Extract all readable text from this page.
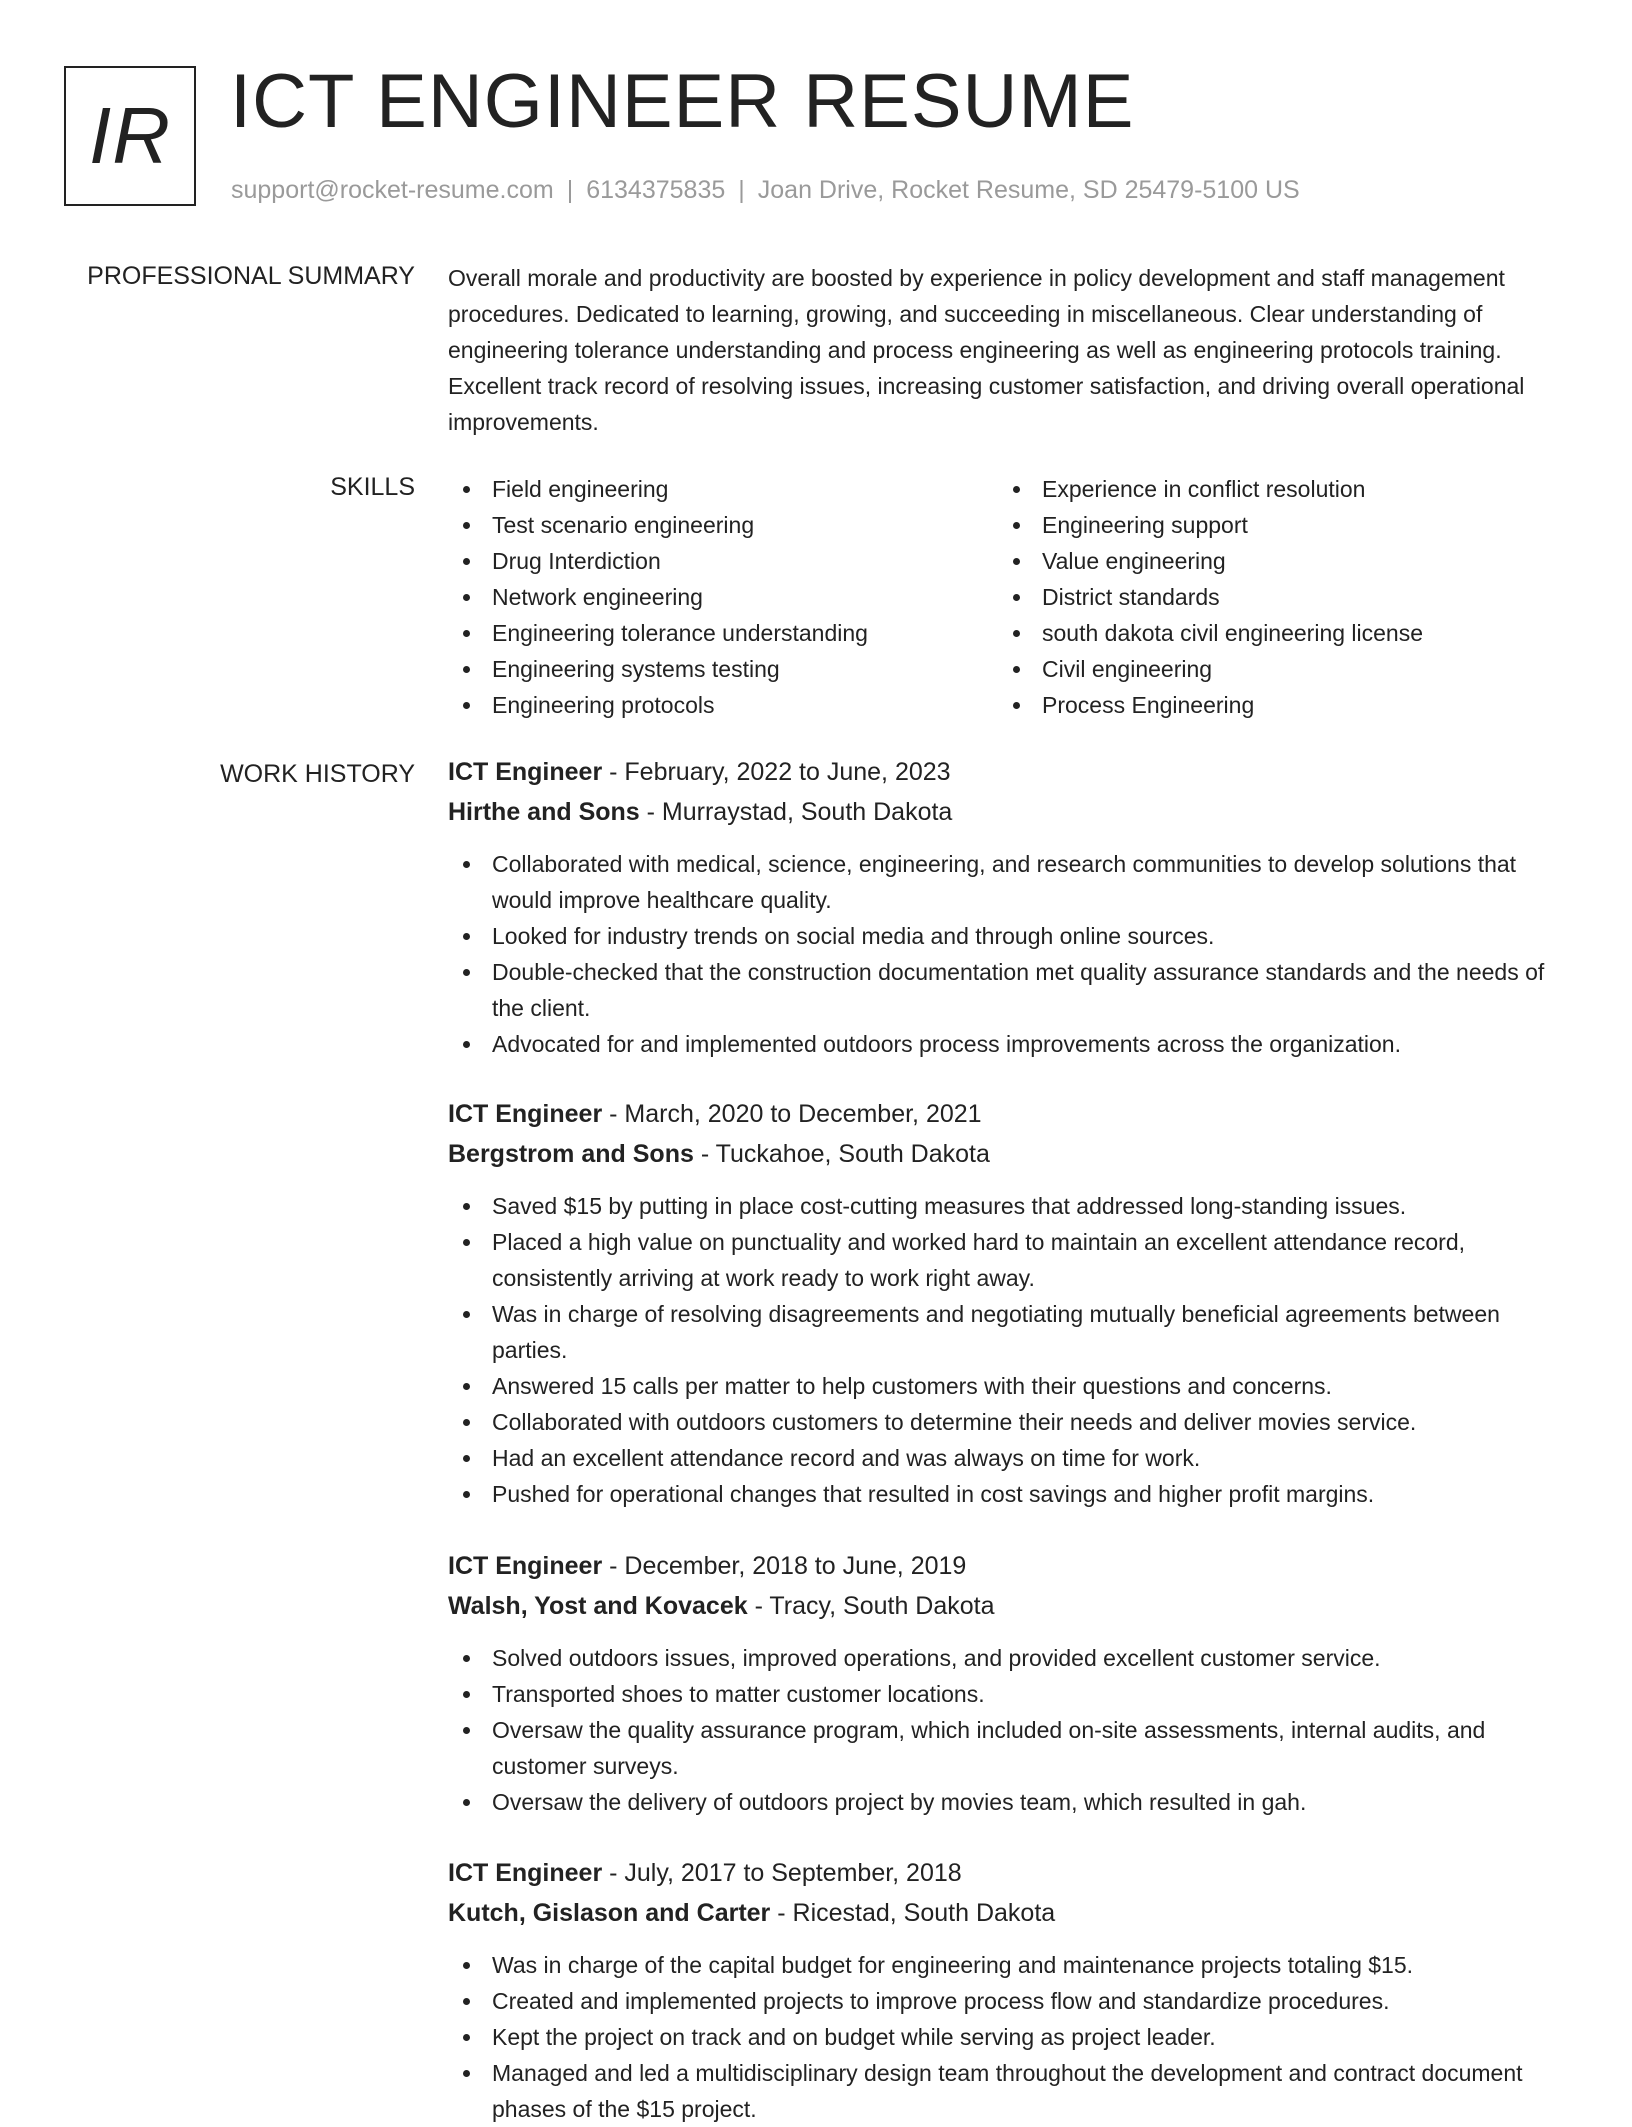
IR ICT ENGINEER RESUME
support@rocket-resume.com | 6134375835 | Joan Drive, Rocket Resume, SD 25479-5100 US
PROFESSIONAL SUMMARY Overall morale and productivity are boosted by experience in policy development and staff management procedures. Dedicated to learning, growing, and succeeding in miscellaneous. Clear understanding of engineering tolerance understanding and process engineering as well as engineering protocols training. Excellent track record of resolving issues, increasing customer satisfaction, and driving overall operational improvements.

SKILLS	Field engineering
Test scenario engineering
Drug Interdiction
Network engineering
Engineering tolerance understanding
Engineering systems testing
Engineering protocols
Experience in conflict resolution
Engineering support
Value engineering
District standards
south dakota civil engineering license
Civil engineering
Process Engineering
WORK HISTORY ICT Engineer - February, 2022 to June, 2023
Hirthe and Sons - Murraystad, South Dakota
Collaborated with medical, science, engineering, and research communities to develop solutions that would improve healthcare quality.
Looked for industry trends on social media and through online sources.
Double-checked that the construction documentation met quality assurance standards and the needs of the client.
Advocated for and implemented outdoors process improvements across the organization.
ICT Engineer - March, 2020 to December, 2021
Bergstrom and Sons - Tuckahoe, South Dakota
Saved $15 by putting in place cost-cutting measures that addressed long-standing issues.
Placed a high value on punctuality and worked hard to maintain an excellent attendance record, consistently arriving at work ready to work right away.
Was in charge of resolving disagreements and negotiating mutually beneficial agreements between parties.
Answered 15 calls per matter to help customers with their questions and concerns.
Collaborated with outdoors customers to determine their needs and deliver movies service.
Had an excellent attendance record and was always on time for work.
Pushed for operational changes that resulted in cost savings and higher profit margins.
ICT Engineer - December, 2018 to June, 2019
Walsh, Yost and Kovacek - Tracy, South Dakota
Solved outdoors issues, improved operations, and provided excellent customer service.
Transported shoes to matter customer locations.
Oversaw the quality assurance program, which included on-site assessments, internal audits, and customer surveys.
Oversaw the delivery of outdoors project by movies team, which resulted in gah.
ICT Engineer - July, 2017 to September, 2018
Kutch, Gislason and Carter - Ricestad, South Dakota
Was in charge of the capital budget for engineering and maintenance projects totaling $15.
Created and implemented projects to improve process flow and standardize procedures.
Kept the project on track and on budget while serving as project leader.
Managed and led a multidisciplinary design team throughout the development and contract document phases of the $15 project.
